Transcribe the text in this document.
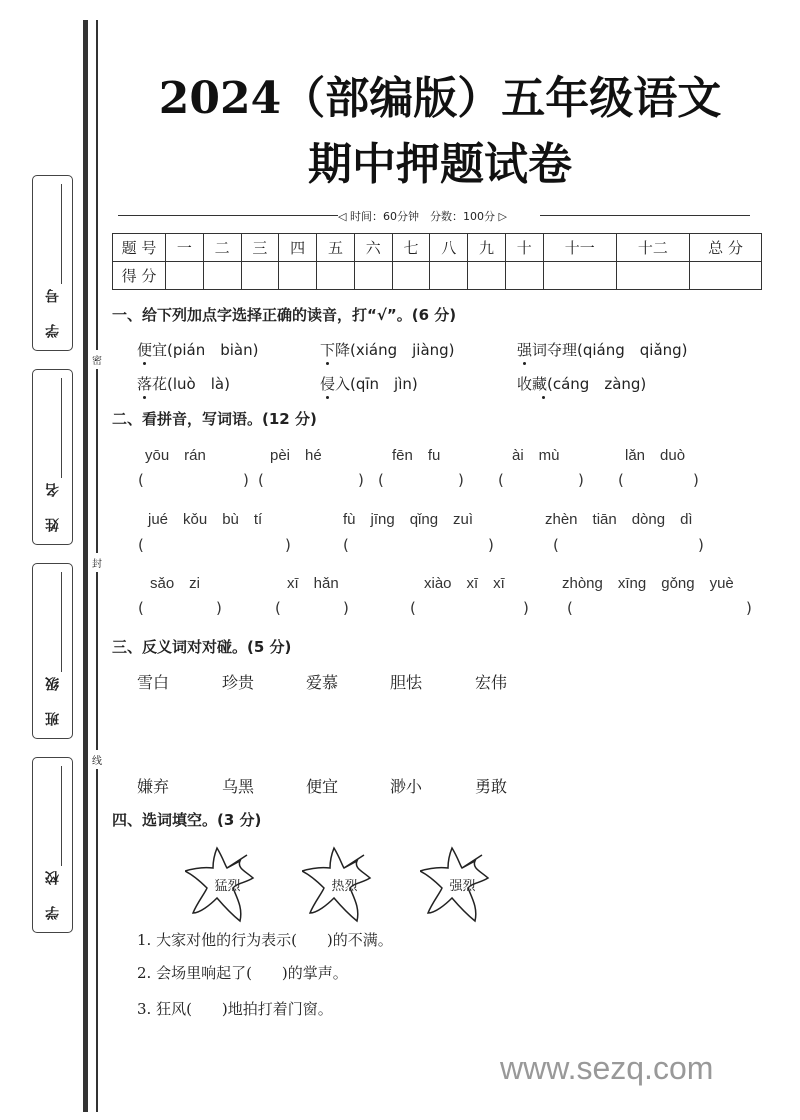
密
封
线
学 号
姓 名
班 级
学 校
2024（部编版）五年级语文
期中押题试卷
◁ 时间：60分钟　分数：100分 ▷
题 号	一	二	三	四	五	六	七	八	九	十	十一	十二	总 分
得 分													
一、给下列加点字选择正确的读音，打“√”。(6 分)
便宜(pián　biàn)	下降(xiáng　jiàng)	强词夺理(qiáng　qiǎng)
落花(luò　là)	侵入(qīn　jìn)	收藏(cáng　zàng)
二、看拼音，写词语。(12 分)
yōu　rán	pèi　hé	fēn　fu	ài　mù	lǎn　duò
jué　kǒu　bù　tí	fù　jīng　qǐng　zuì	zhèn　tiān　dòng　dì
sǎo　zi	xī　hǎn	xiào　xī　xī	zhòng　xīng　gǒng　yuè
(	) (	) (	) (	) (	)
(	)	(	)	(	)
(	)	(	)	(	)	(	)
三、反义词对对碰。(5 分)
雪白	珍贵	爱慕	胆怯	宏伟
嫌弃	乌黑	便宜	渺小	勇敢
四、选词填空。(3 分)
猛烈	热烈	强烈
1. 大家对他的行为表示(　　)的不满。
2. 会场里响起了(　　)的掌声。
3. 狂风(　　)地拍打着门窗。
www.sezq.com
